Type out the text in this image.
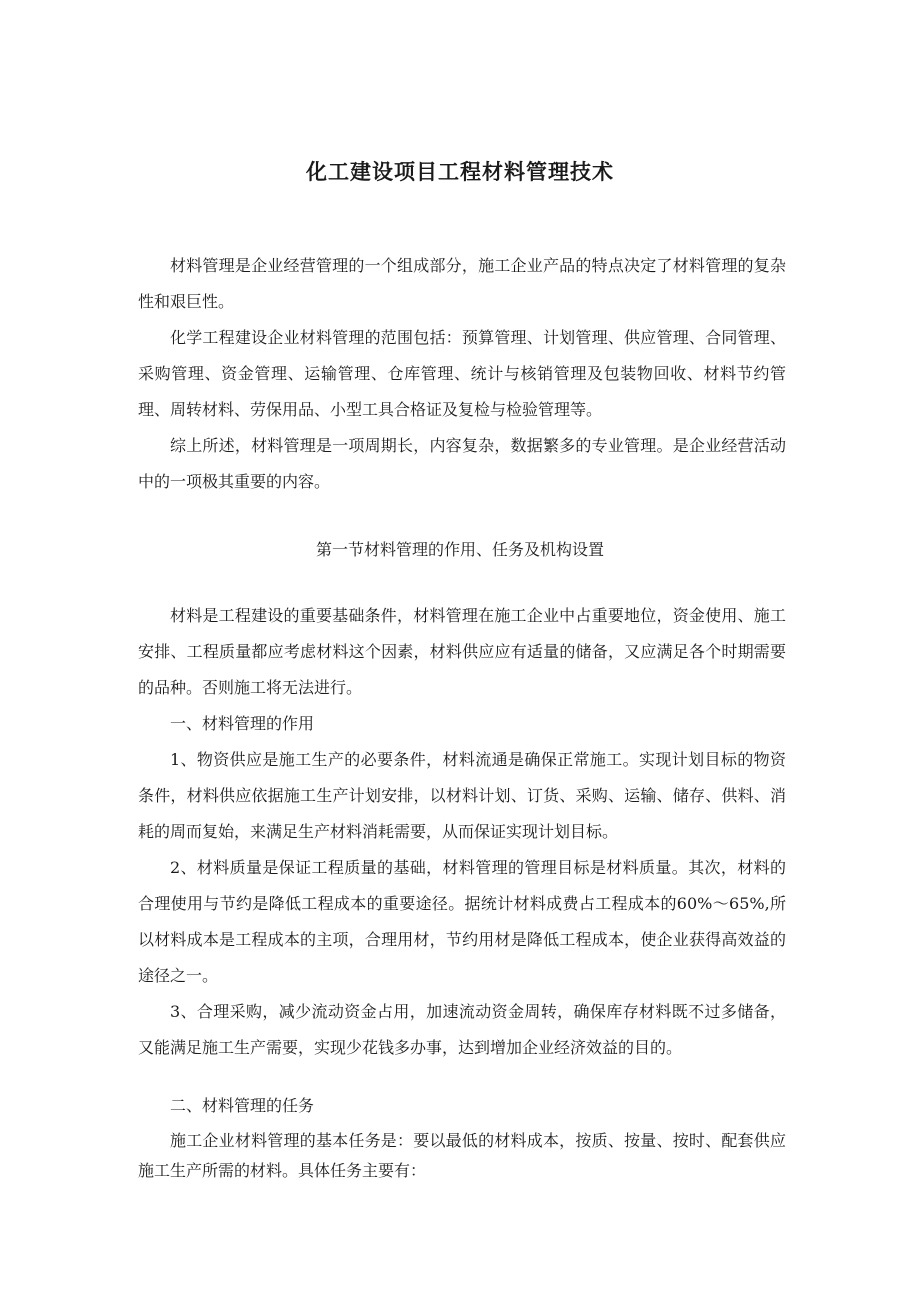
化工建设项目工程材料管理技术

材料管理是企业经营管理的一个组成部分，施工企业产品的特点决定了材料管理的复杂性和艰巨性。

化学工程建设企业材料管理的范围包括：预算管理、计划管理、供应管理、合同管理、采购管理、资金管理、运输管理、仓库管理、统计与核销管理及包装物回收、材料节约管理、周转材料、劳保用品、小型工具合格证及复检与检验管理等。

综上所述，材料管理是一项周期长，内容复杂，数据繁多的专业管理。是企业经营活动中的一项极其重要的内容。

第一节材料管理的作用、任务及机构设置

材料是工程建设的重要基础条件，材料管理在施工企业中占重要地位，资金使用、施工安排、工程质量都应考虑材料这个因素，材料供应应有适量的储备，又应满足各个时期需要的品种。否则施工将无法进行。

一、材料管理的作用

1、物资供应是施工生产的必要条件，材料流通是确保正常施工。实现计划目标的物资条件，材料供应依据施工生产计划安排，以材料计划、订货、采购、运输、储存、供料、消耗的周而复始，来满足生产材料消耗需要，从而保证实现计划目标。

2、材料质量是保证工程质量的基础，材料管理的管理目标是材料质量。其次，材料的合理使用与节约是降低工程成本的重要途径。据统计材料成费占工程成本的60%～65%,所以材料成本是工程成本的主项，合理用材，节约用材是降低工程成本，使企业获得高效益的途径之一。

3、合理采购，减少流动资金占用，加速流动资金周转，确保库存材料既不过多储备，又能满足施工生产需要，实现少花钱多办事，达到增加企业经济效益的目的。

二、材料管理的任务

施工企业材料管理的基本任务是：要以最低的材料成本，按质、按量、按时、配套供应施工生产所需的材料。具体任务主要有：
